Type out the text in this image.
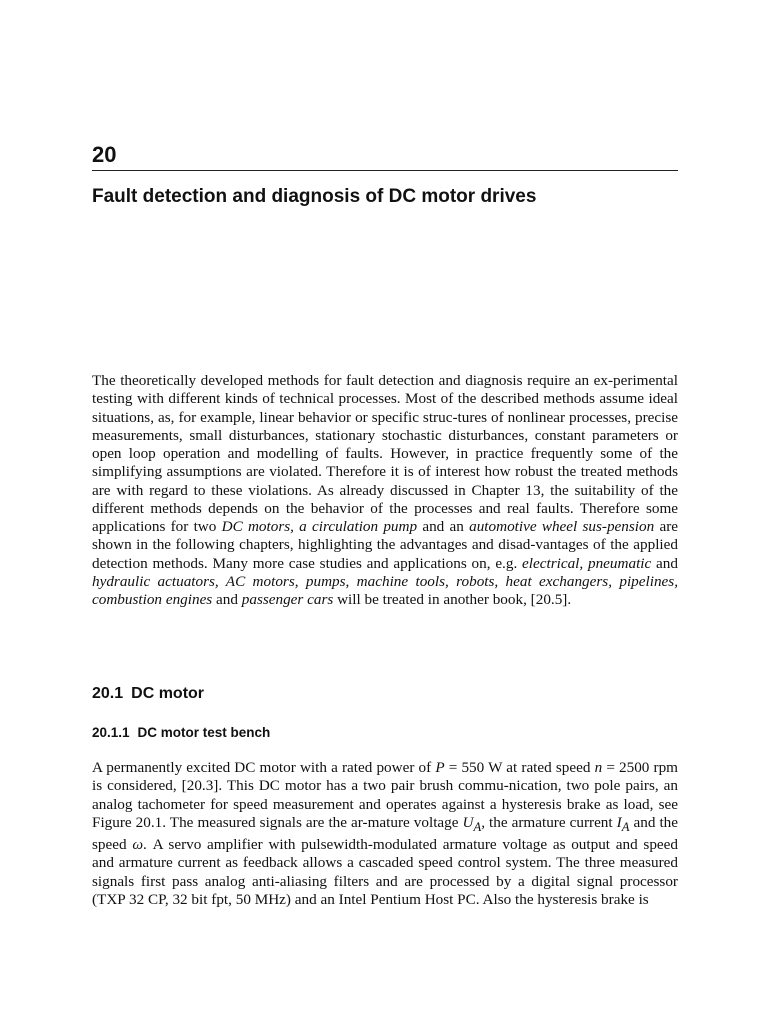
20
Fault detection and diagnosis of DC motor drives

The theoretically developed methods for fault detection and diagnosis require an ex-perimental testing with different kinds of technical processes. Most of the described methods assume ideal situations, as, for example, linear behavior or specific struc-tures of nonlinear processes, precise measurements, small disturbances, stationary stochastic disturbances, constant parameters or open loop operation and modelling of faults. However, in practice frequently some of the simplifying assumptions are violated. Therefore it is of interest how robust the treated methods are with regard to these violations. As already discussed in Chapter 13, the suitability of the different methods depends on the behavior of the processes and real faults. Therefore some applications for two DC motors, a circulation pump and an automotive wheel sus-pension are shown in the following chapters, highlighting the advantages and disad-vantages of the applied detection methods. Many more case studies and applications on, e.g. electrical, pneumatic and hydraulic actuators, AC motors, pumps, machine tools, robots, heat exchangers, pipelines, combustion engines and passenger cars will be treated in another book, [20.5].

20.1 DC motor
20.1.1 DC motor test bench

A permanently excited DC motor with a rated power of P = 550 W at rated speed n = 2500 rpm is considered, [20.3]. This DC motor has a two pair brush commu-nication, two pole pairs, an analog tachometer for speed measurement and operates against a hysteresis brake as load, see Figure 20.1. The measured signals are the ar-mature voltage $U_A$, the armature current $I_A$ and the speed ω. A servo amplifier with pulsewidth-modulated armature voltage as output and speed and armature current as feedback allows a cascaded speed control system. The three measured signals first pass analog anti-aliasing filters and are processed by a digital signal processor (TXP 32 CP, 32 bit fpt, 50 MHz) and an Intel Pentium Host PC. Also the hysteresis brake is
